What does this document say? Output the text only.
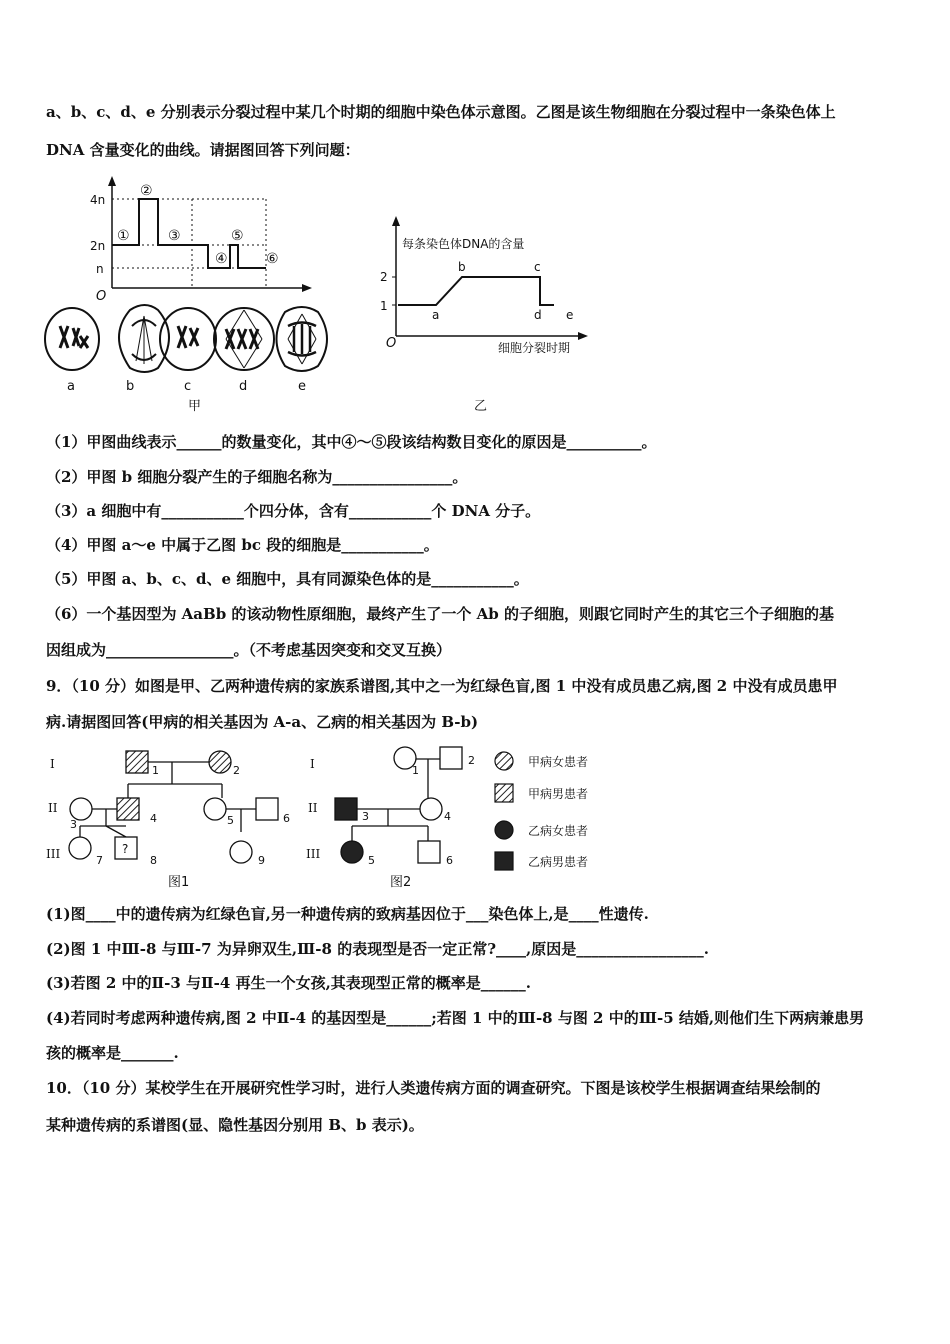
a、b、c、d、e 分别表示分裂过程中某几个时期的细胞中染色体示意图。乙图是该生物细胞在分裂过程中一条染色体上
DNA 含量变化的曲线。请据图回答下列问题：
4n
2n
n
O
①
②
③
④
⑤
⑥
a	b	c	d	e
甲
每条染色体DNA的含量
2
1
O
a
b	c
d e
细胞分裂时期
乙
（1）甲图曲线表示______的数量变化，其中④～⑤段该结构数目变化的原因是__________。
（2）甲图 b 细胞分裂产生的子细胞名称为________________。
（3）a 细胞中有___________个四分体，含有___________个 DNA 分子。
（4）甲图 a～e 中属于乙图 bc 段的细胞是___________。
（5）甲图 a、b、c、d、e 细胞中，具有同源染色体的是___________。
（6）一个基因型为 AaBb 的该动物性原细胞，最终产生了一个 Ab 的子细胞，则跟它同时产生的其它三个子细胞的基
因组成为_________________。（不考虑基因突变和交叉互换）
9．（10 分）如图是甲、乙两种遗传病的家族系谱图,其中之一为红绿色盲,图 1 中没有成员患乙病,图 2 中没有成员患甲
病.请据图回答(甲病的相关基因为 A-a、乙病的相关基因为 B-b)
I
II
III	?
1	2
3	4	5	6
7	8	9
图1
I
II
III
1
2
3	4
5	6
图2
甲病女患者
甲病男患者
乙病女患者
乙病男患者
(1)图____中的遗传病为红绿色盲,另一种遗传病的致病基因位于___染色体上,是____性遗传.
(2)图 1 中Ⅲ-8 与Ⅲ-7 为异卵双生,Ⅲ-8 的表现型是否一定正常?____,原因是_________________.
(3)若图 2 中的Ⅱ-3 与Ⅱ-4 再生一个女孩,其表现型正常的概率是______.
(4)若同时考虑两种遗传病,图 2 中Ⅱ-4 的基因型是______;若图 1 中的Ⅲ-8 与图 2 中的Ⅲ-5 结婚,则他们生下两病兼患男
孩的概率是_______.
10．（10 分）某校学生在开展研究性学习时，进行人类遗传病方面的调查研究。下图是该校学生根据调查结果绘制的
某种遗传病的系谱图(显、隐性基因分别用 B、b 表示)。
